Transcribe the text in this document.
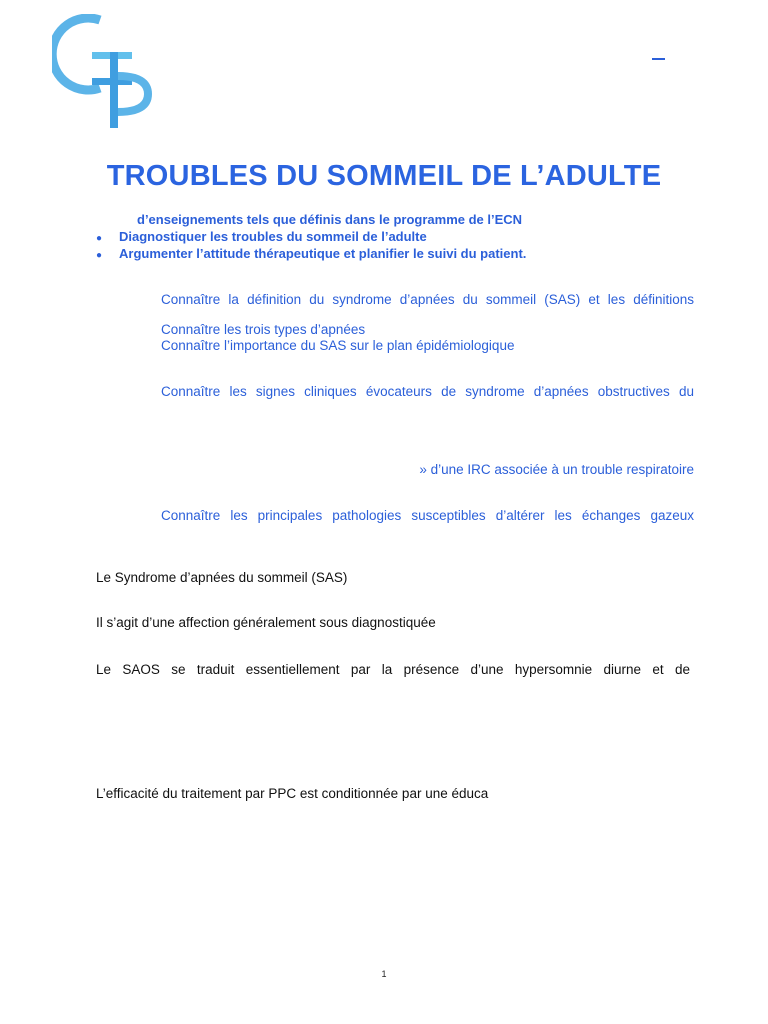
TROUBLES DU SOMMEIL DE L’ADULTE
d’enseignements tels que définis dans le programme de l’ECN
● Diagnostiquer les troubles du sommeil de l’adulte
● Argumenter l’attitude thérapeutique et planifier le suivi du patient.
Connaître la définition du syndrome d’apnées du sommeil (SAS) et les définitions
Connaître les trois types d’apnées
Connaître l’importance du SAS sur le plan épidémiologique
Connaître les signes cliniques évocateurs de syndrome d’apnées obstructives du
» d’une IRC associée à un trouble respiratoire
Connaître les principales pathologies susceptibles d’altérer les échanges gazeux
Le Syndrome d’apnées du sommeil (SAS)
Il s’agit d’une affection généralement sous diagnostiquée
Le SAOS se traduit essentiellement par la présence d’une hypersomnie diurne et de
L’efficacité du traitement par PPC est conditionnée par une éduca
1
